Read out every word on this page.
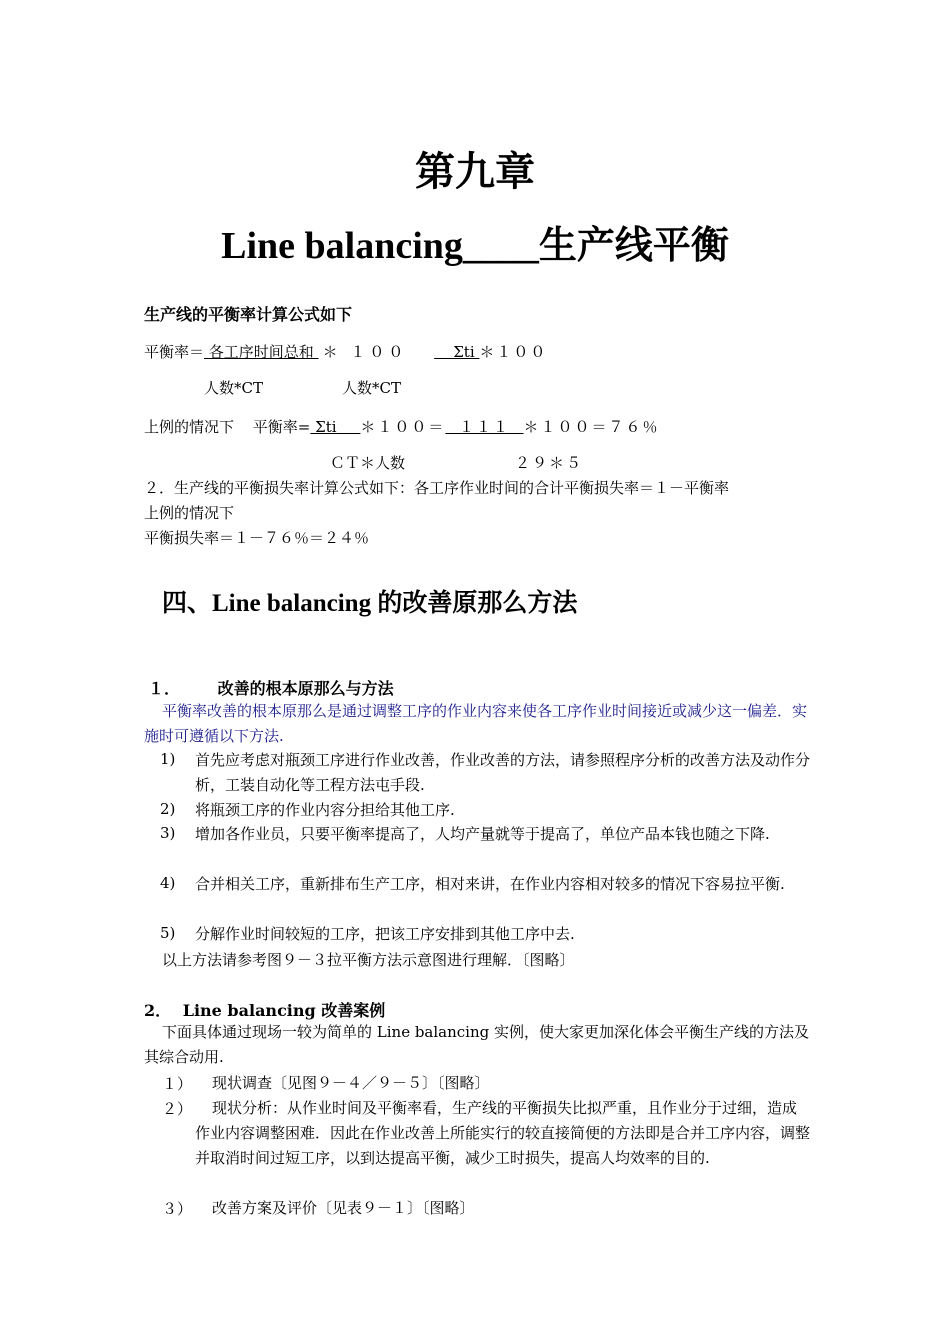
第九章
Line balancing____生产线平衡
生产线的平衡率计算公式如下
平衡率＝ 各工序时间总和 ＊ １００     Σti ＊１００
人数*CT	人数*CT
上例的情况下 平衡率= Σti     ＊１００＝  １１１  ＊１００＝７６％
ＣＴ＊人数	２９＊５
２．生产线的平衡损失率计算公式如下：各工序作业时间的合计平衡损失率＝１－平衡率
上例的情况下
平衡损失率＝１－７６％＝２４％
四、Line balancing 的改善原那么方法
１． 改善的根本原那么与方法
平衡率改善的根本原那么是通过调整工序的作业内容来使各工序作业时间接近或减少这一偏差．实施时可遵循以下方法.
1) 首先应考虑对瓶颈工序进行作业改善，作业改善的方法，请参照程序分析的改善方法及动作分析，工装自动化等工程方法屯手段.
2) 将瓶颈工序的作业内容分担给其他工序.
3) 增加各作业员，只要平衡率提高了，人均产量就等于提高了，单位产品本钱也随之下降.
4) 合并相关工序，重新排布生产工序，相对来讲，在作业内容相对较多的情况下容易拉平衡.
5) 分解作业时间较短的工序，把该工序安排到其他工序中去.
以上方法请参考图９－３拉平衡方法示意图进行理解．〔图略〕
2． Line balancing 改善案例
下面具体通过现场一较为简单的 Line balancing 实例，使大家更加深化体会平衡生产线的方法及其综合动用.
１） 现状调查〔见图９－４／９－５〕〔图略〕
２）	现状分析：从作业时间及平衡率看，生产线的平衡损失比拟严重，且作业分于过细，造成作业内容调整困难．因此在作业改善上所能实行的较直接简便的方法即是合并工序内容，调整并取消时间过短工序，以到达提高平衡，减少工时损失，提高人均效率的目的.
３） 改善方案及评价〔见表９－１〕〔图略〕
